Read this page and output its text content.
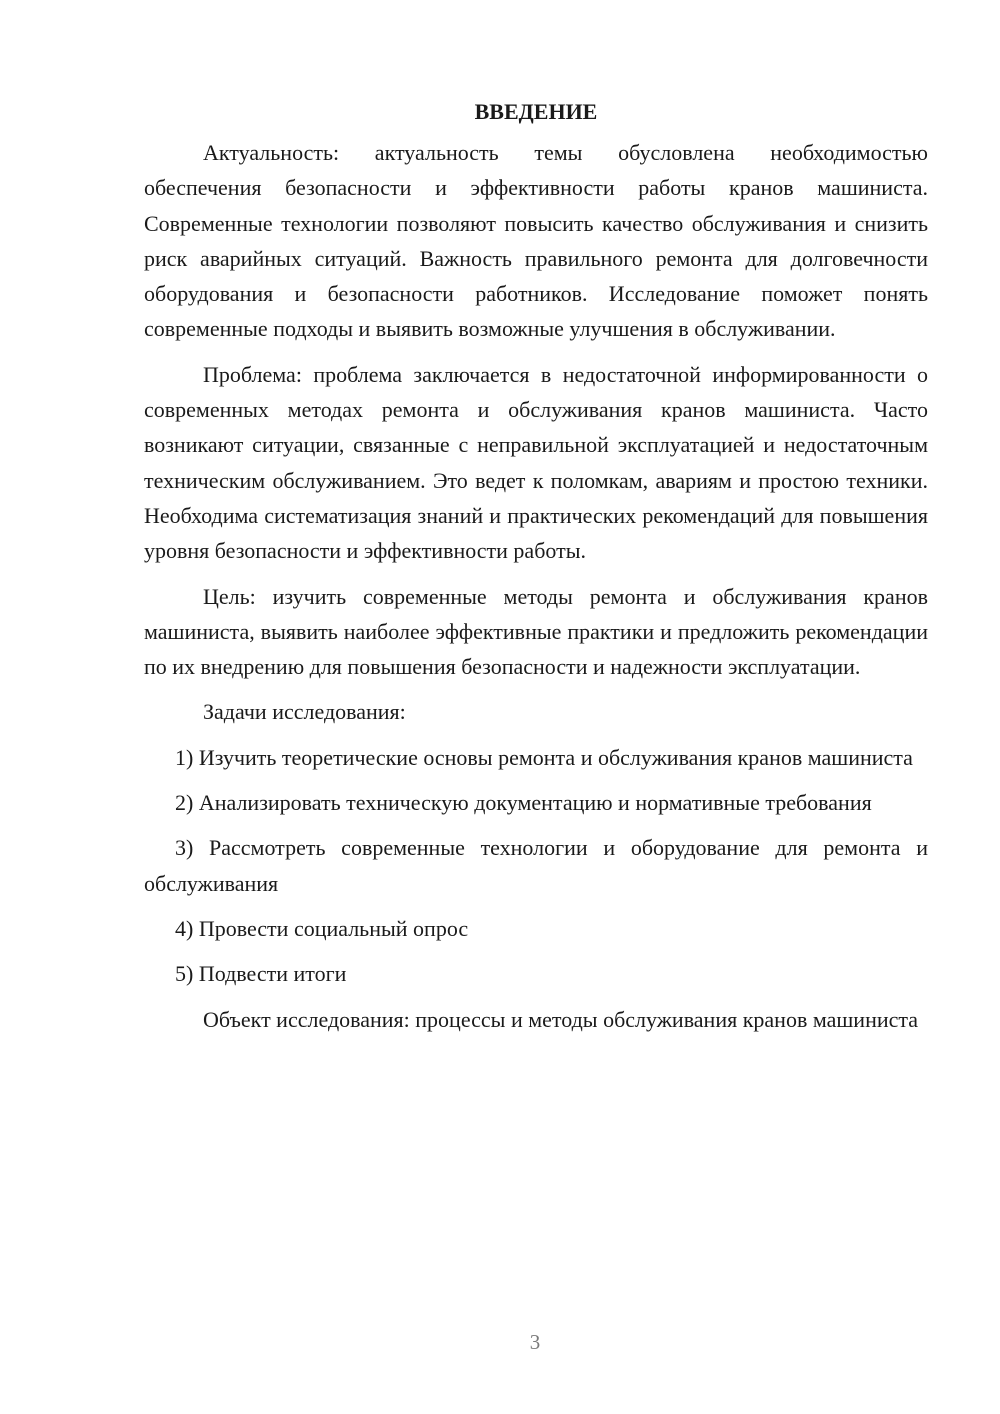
ВВЕДЕНИЕ

Актуальность: актуальность темы обусловлена необходимостью обеспечения безопасности и эффективности работы кранов машиниста. Современные технологии позволяют повысить качество обслуживания и снизить риск аварийных ситуаций. Важность правильного ремонта для долговечности оборудования и безопасности работников. Исследование поможет понять современные подходы и выявить возможные улучшения в обслуживании.

Проблема: проблема заключается в недостаточной информированности о современных методах ремонта и обслуживания кранов машиниста. Часто возникают ситуации, связанные с неправильной эксплуатацией и недостаточным техническим обслуживанием. Это ведет к поломкам, авариям и простою техники. Необходима систематизация знаний и практических рекомендаций для повышения уровня безопасности и эффективности работы.

Цель: изучить современные методы ремонта и обслуживания кранов машиниста, выявить наиболее эффективные практики и предложить рекомендации по их внедрению для повышения безопасности и надежности эксплуатации.

Задачи исследования:

1) Изучить теоретические основы ремонта и обслуживания кранов машиниста

2) Анализировать техническую документацию и нормативные требования

3) Рассмотреть современные технологии и оборудование для ремонта и обслуживания

4) Провести социальный опрос

5) Подвести итоги

Объект исследования: процессы и методы обслуживания кранов машиниста

3
